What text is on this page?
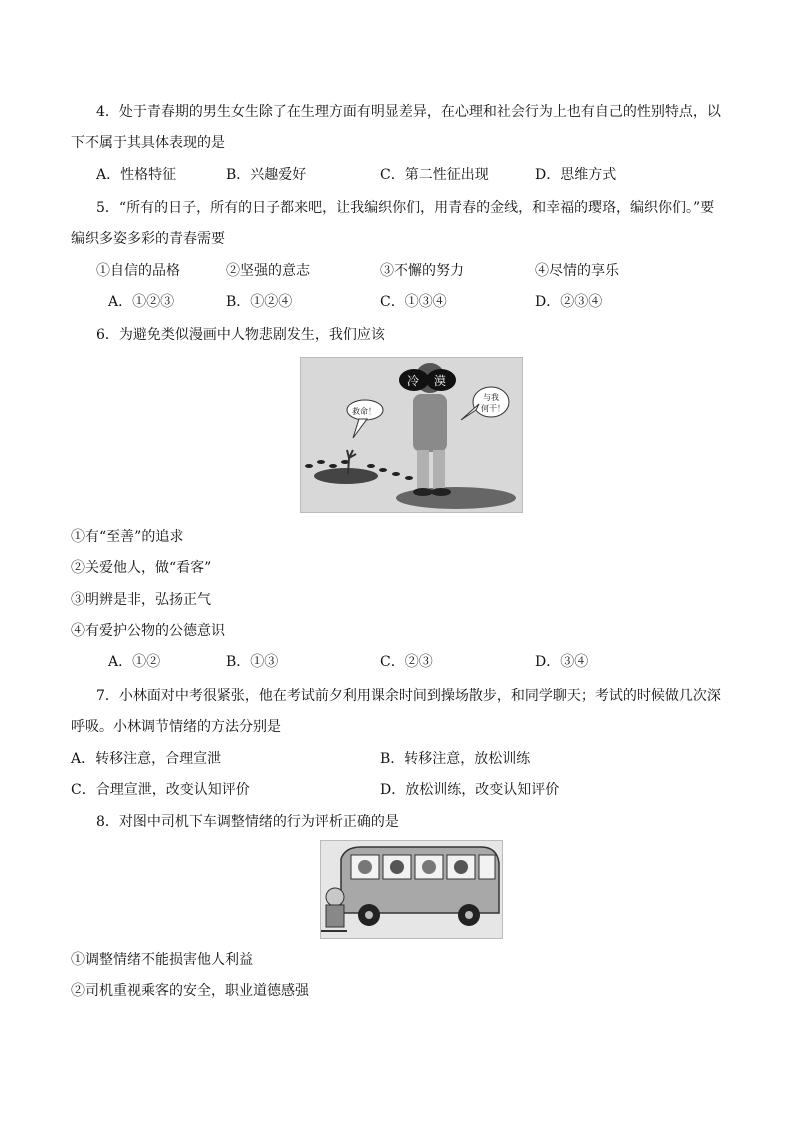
4．处于青春期的男生女生除了在生理方面有明显差异，在心理和社会行为上也有自己的性别特点，以
下不属于其具体表现的是
A．性格特征	B．兴趣爱好	C．第二性征出现	D．思维方式
5．“所有的日子，所有的日子都来吧，让我编织你们，用青春的金线，和幸福的璎珞，编织你们。”要
编织多姿多彩的青春需要
①自信的品格	②坚强的意志	③不懈的努力	④尽情的享乐
A．①②③	B．①②④	C．①③④	D．②③④
6．为避免类似漫画中人物悲剧发生，我们应该
冷 漠
救命！
与我
何干！
①有“至善”的追求
②关爱他人，做“看客”
③明辨是非，弘扬正气
④有爱护公物的公德意识
A．①②	B．①③	C．②③	D．③④
7．小林面对中考很紧张，他在考试前夕利用课余时间到操场散步，和同学聊天；考试的时候做几次深
呼吸。小林调节情绪的方法分别是
A．转移注意，合理宣泄	B．转移注意，放松训练
C．合理宣泄，改变认知评价	D．放松训练，改变认知评价
8．对图中司机下车调整情绪的行为评析正确的是
①调整情绪不能损害他人利益
②司机重视乘客的安全，职业道德感强
